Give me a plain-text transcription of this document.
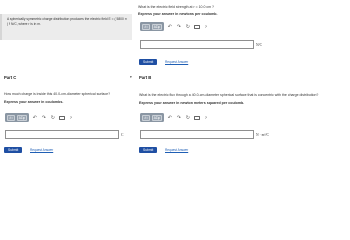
A spherically symmetric charge distribution produces the electric field E = ( 5800 r² ) r̂ N/C, where r is in m.
What is the electric field strength at r = 10.0 cm ?
Express your answer in newtons per coulomb.
√□	AΣφ	↶ ↷ ↻	?
N/C
Submit	Request Answer
▾ Part B
What is the electric flux through a 40.0-cm-diameter spherical surface that is concentric with the charge distribution?
Express your answer in newton meters squared per coulomb.
√□	AΣφ	↶ ↷ ↻	?
N · m²/C
Submit	Request Answer
Part C
How much charge is inside this 40.0-cm-diameter spherical surface?
Express your answer in coulombs.
√□	AΣφ	↶ ↷ ↻	?
C
Submit	Request Answer
